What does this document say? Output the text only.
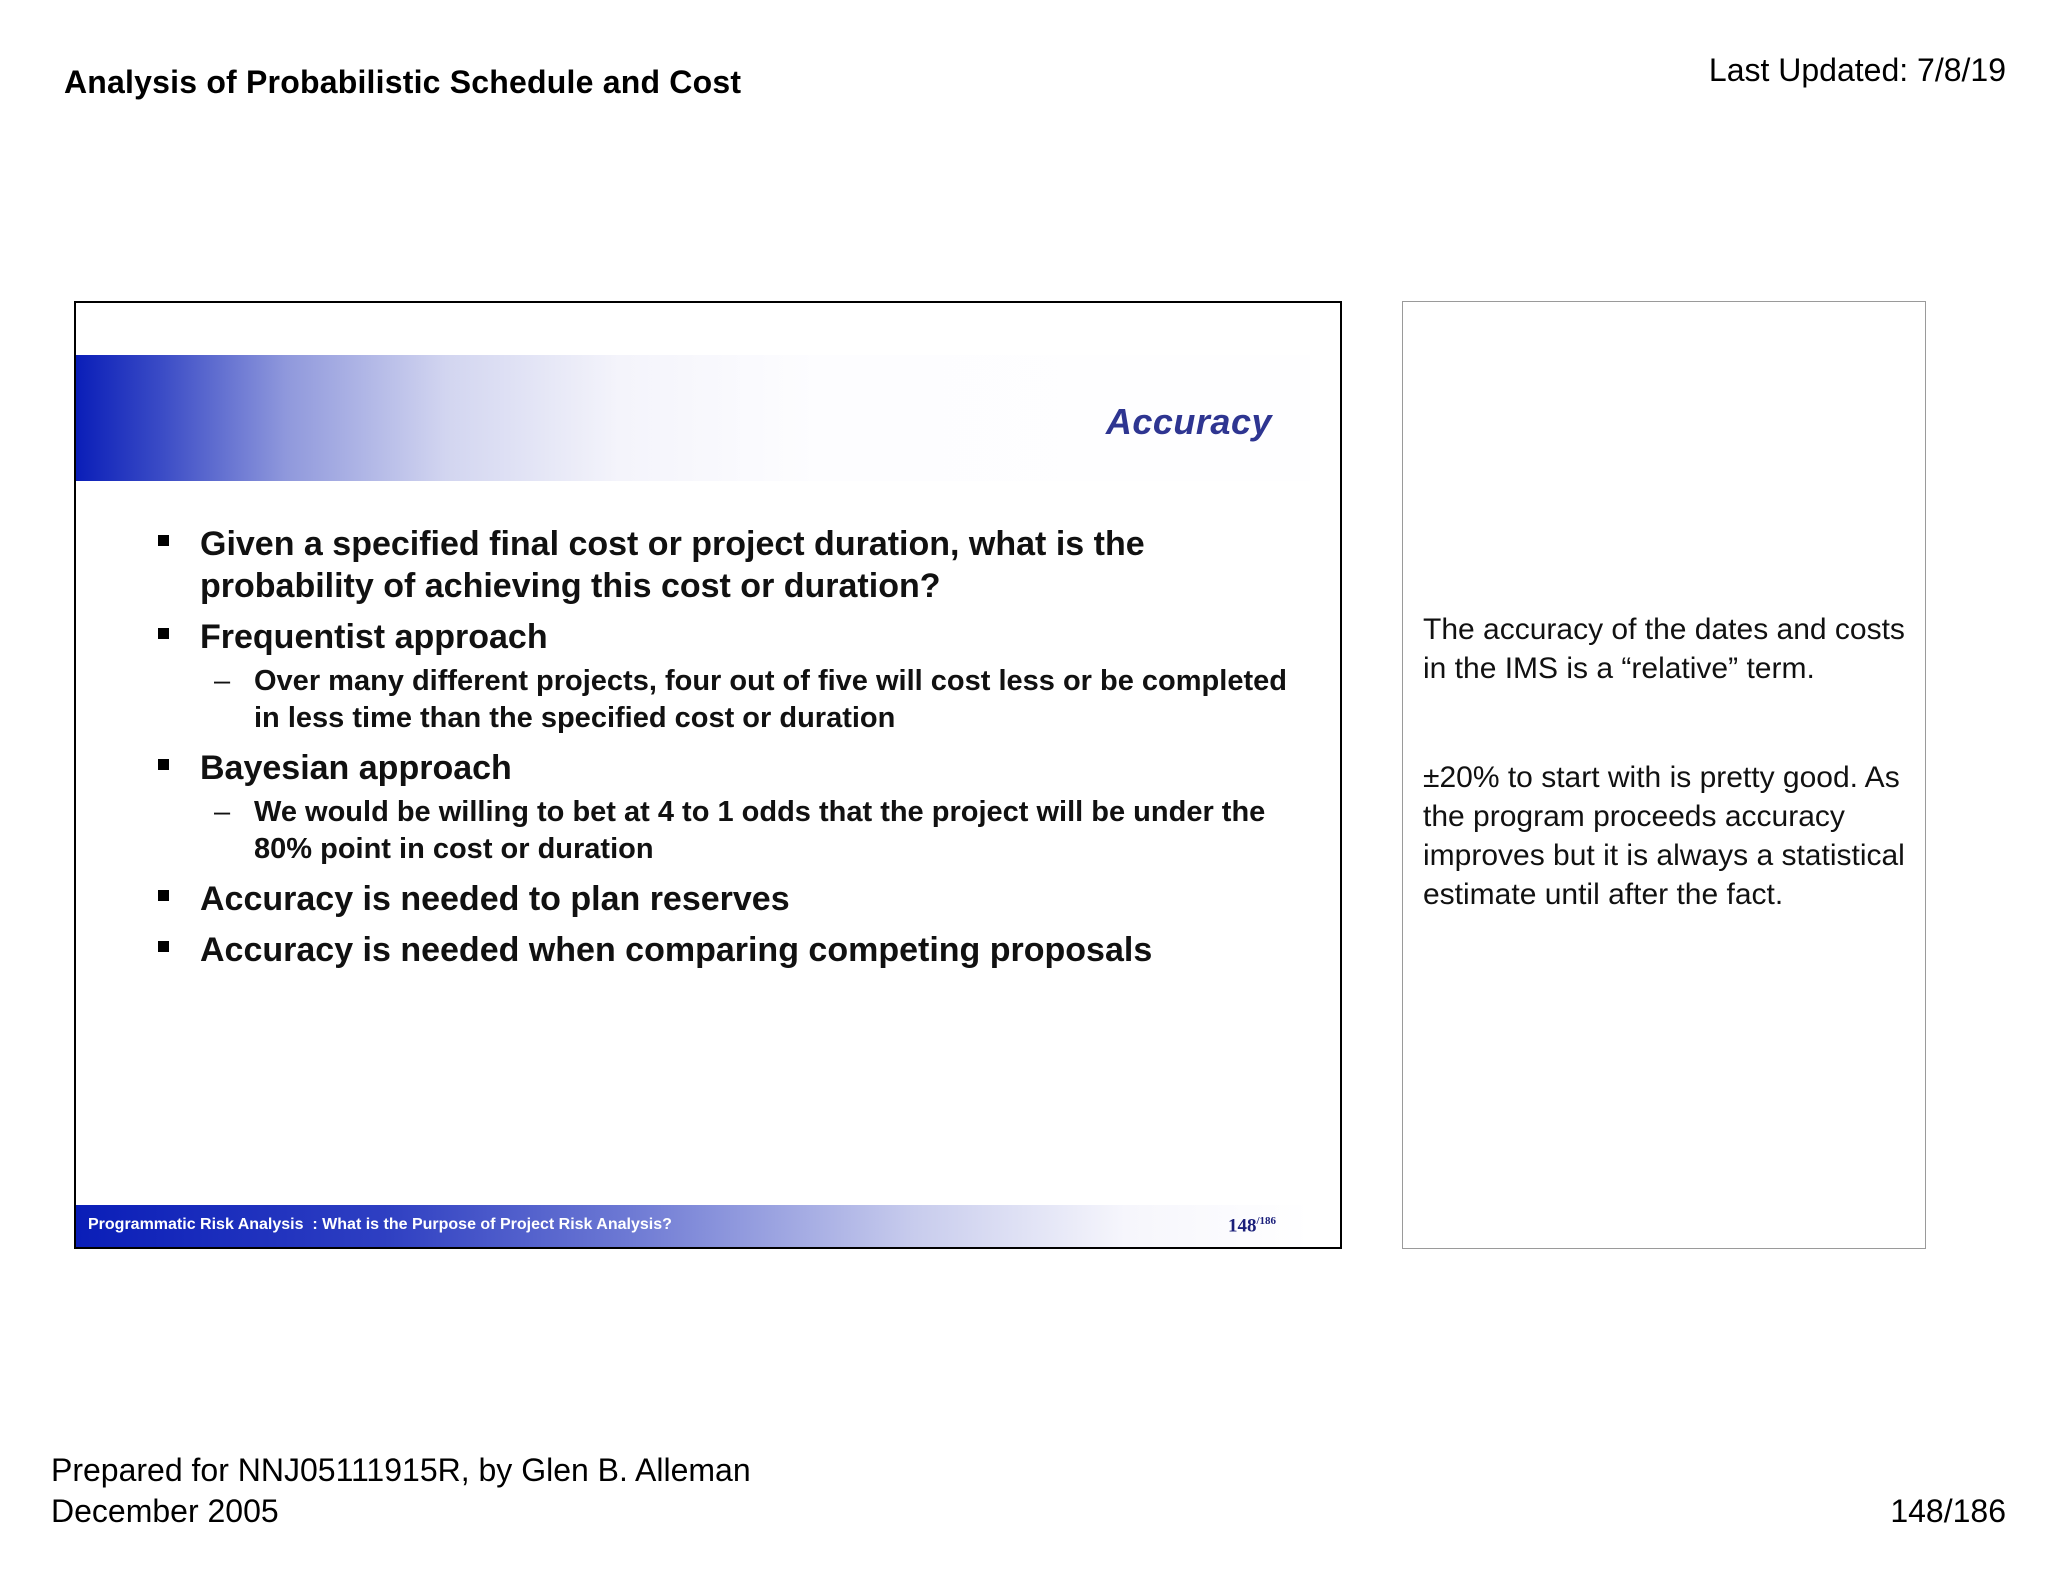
Analysis of Probabilistic Schedule and Cost	Last Updated: 7/8/19
Accuracy
Given a specified final cost or project duration, what is the probability of achieving this cost or duration?
Frequentist approach
– Over many different projects, four out of five will cost less or be completed in less time than the specified cost or duration
Bayesian approach
– We would be willing to bet at 4 to 1 odds that the project will be under the 80% point in cost or duration
Accuracy is needed to plan reserves
Accuracy is needed when comparing competing proposals
Programmatic Risk Analysis  : What is the Purpose of Project Risk Analysis?	$148^{/186}$

The accuracy of the dates and costs in the IMS is a “relative” term.

±20% to start with is pretty good. As the program proceeds accuracy improves but it is always a statistical estimate until after the fact.

Prepared for NNJ05111915R, by Glen B. Alleman
December 2005	148/186
